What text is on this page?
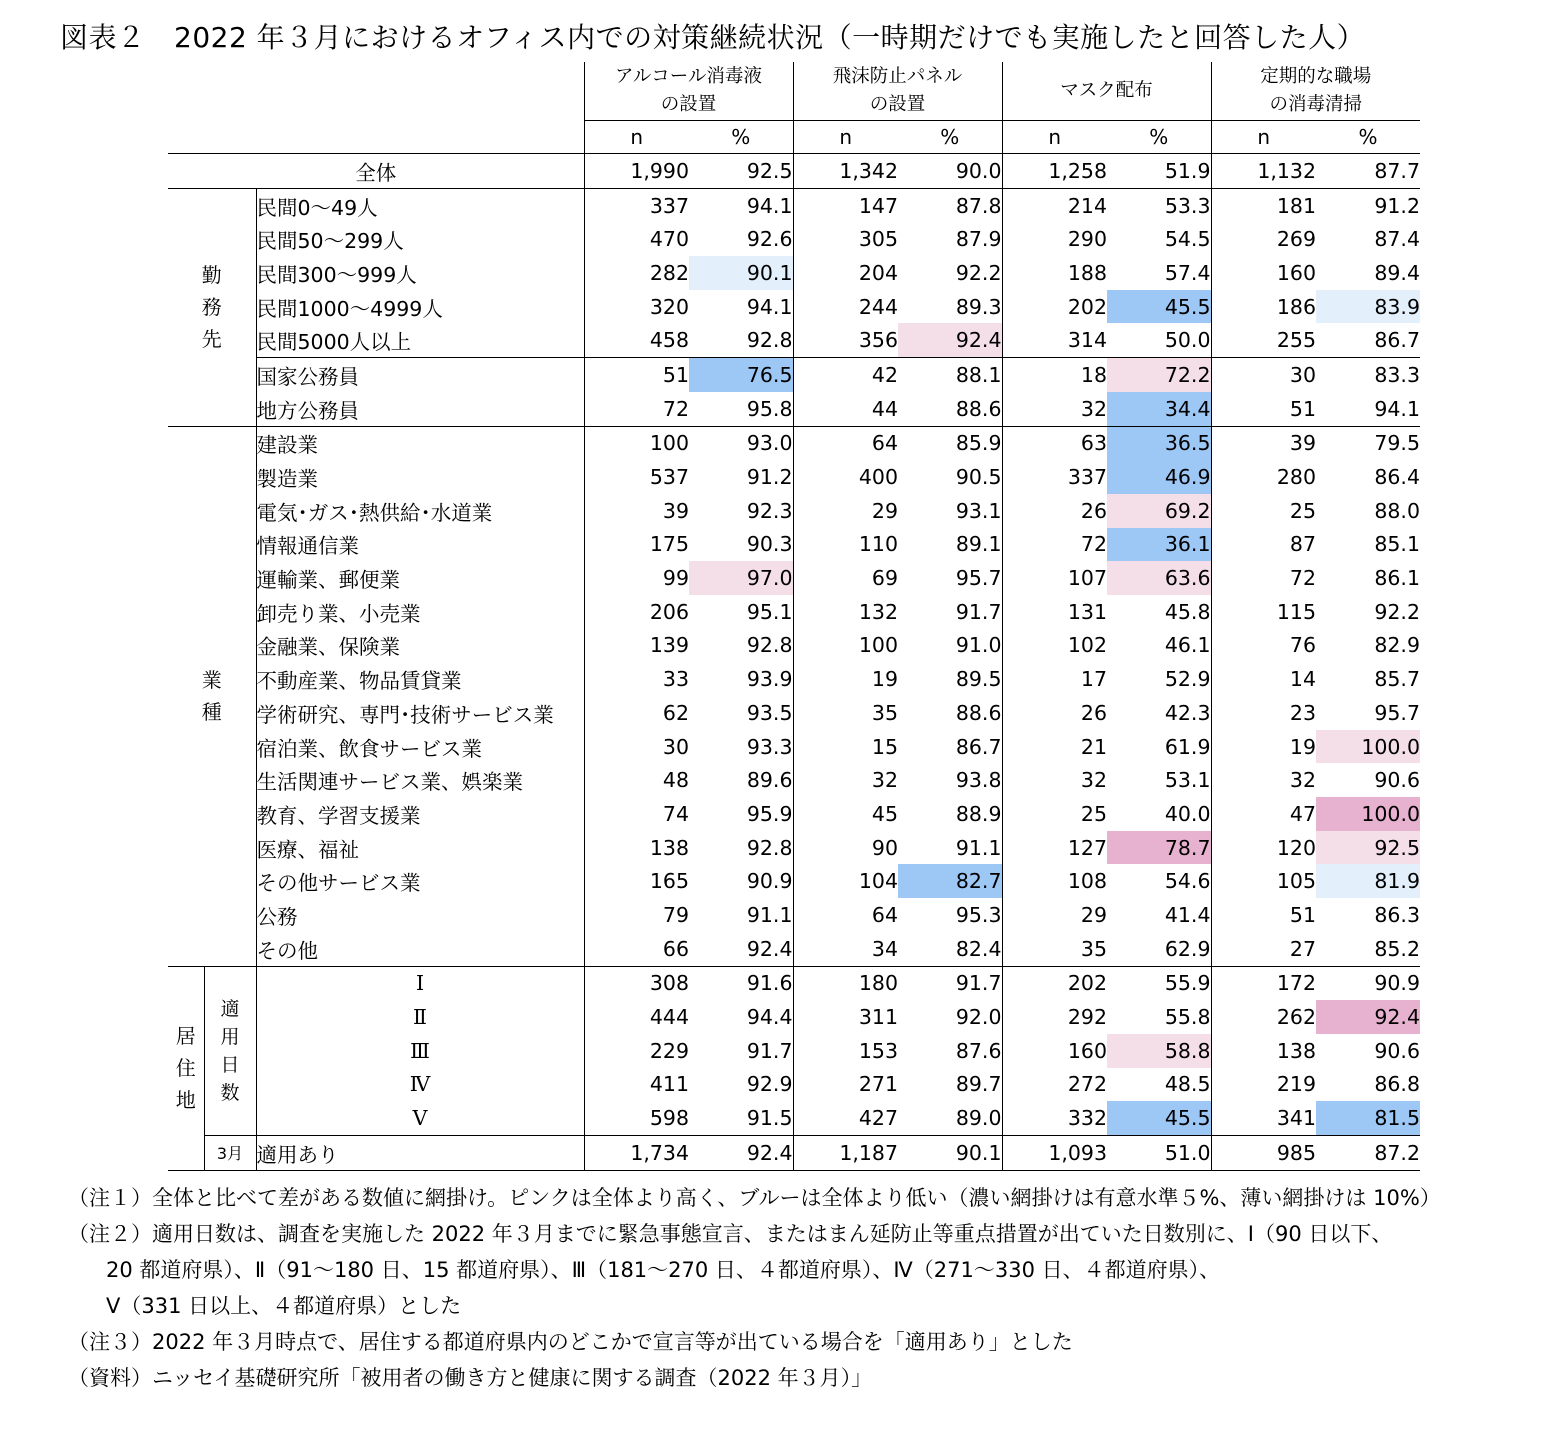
図表２　2022 年３月におけるオフィス内での対策継続状況（一時期だけでも実施したと回答した人）
			アルコール消毒液
の設置		飛沫防止パネル
の設置		マスク配布		定期的な職場
の消毒清掃	
			n	%	n	%	n	%	n	%
全体			1,990	92.5	1,342	90.0	1,258	51.9	1,132	87.7
勤
務
先		民間0～49人	337	94.1	147	87.8	214	53.3	181	91.2
		民間50～299人	470	92.6	305	87.9	290	54.5	269	87.4
		民間300～999人	282	90.1	204	92.2	188	57.4	160	89.4
		民間1000～4999人	320	94.1	244	89.3	202	45.5	186	83.9
		民間5000人以上	458	92.8	356	92.4	314	50.0	255	86.7
		国家公務員	51	76.5	42	88.1	18	72.2	30	83.3
		地方公務員	72	95.8	44	88.6	32	34.4	51	94.1
業
種		建設業	100	93.0	64	85.9	63	36.5	39	79.5
		製造業	537	91.2	400	90.5	337	46.9	280	86.4
		電気･ガス･熱供給･水道業	39	92.3	29	93.1	26	69.2	25	88.0
		情報通信業	175	90.3	110	89.1	72	36.1	87	85.1
		運輸業、郵便業	99	97.0	69	95.7	107	63.6	72	86.1
		卸売り業、小売業	206	95.1	132	91.7	131	45.8	115	92.2
		金融業、保険業	139	92.8	100	91.0	102	46.1	76	82.9
		不動産業、物品賃貸業	33	93.9	19	89.5	17	52.9	14	85.7
		学術研究、専門･技術サービス業	62	93.5	35	88.6	26	42.3	23	95.7
		宿泊業、飲食サービス業	30	93.3	15	86.7	21	61.9	19	100.0
		生活関連サービス業、娯楽業	48	89.6	32	93.8	32	53.1	32	90.6
		教育、学習支援業	74	95.9	45	88.9	25	40.0	47	100.0
		医療、福祉	138	92.8	90	91.1	127	78.7	120	92.5
		その他サービス業	165	90.9	104	82.7	108	54.6	105	81.9
		公務	79	91.1	64	95.3	29	41.4	51	86.3
		その他	66	92.4	34	82.4	35	62.9	27	85.2
居
住
地	適
用
日
数	Ⅰ	308	91.6	180	91.7	202	55.9	172	90.9
		Ⅱ	444	94.4	311	92.0	292	55.8	262	92.4
		Ⅲ	229	91.7	153	87.6	160	58.8	138	90.6
		Ⅳ	411	92.9	271	89.7	272	48.5	219	86.8
		Ⅴ	598	91.5	427	89.0	332	45.5	341	81.5
	3月	適用あり	1,734	92.4	1,187	90.1	1,093	51.0	985	87.2
（注１）全体と比べて差がある数値に網掛け。ピンクは全体より高く、ブルーは全体より低い（濃い網掛けは有意水準５%、薄い網掛けは 10%）
（注２）適用日数は、調査を実施した 2022 年３月までに緊急事態宣言、またはまん延防止等重点措置が出ていた日数別に、Ⅰ（90 日以下、
20 都道府県）、Ⅱ（91～180 日、15 都道府県）、Ⅲ（181～270 日、４都道府県）、Ⅳ（271～330 日、４都道府県）、
Ⅴ（331 日以上、４都道府県）とした
（注３）2022 年３月時点で、居住する都道府県内のどこかで宣言等が出ている場合を「適用あり」とした
（資料）ニッセイ基礎研究所「被用者の働き方と健康に関する調査（2022 年３月）」
